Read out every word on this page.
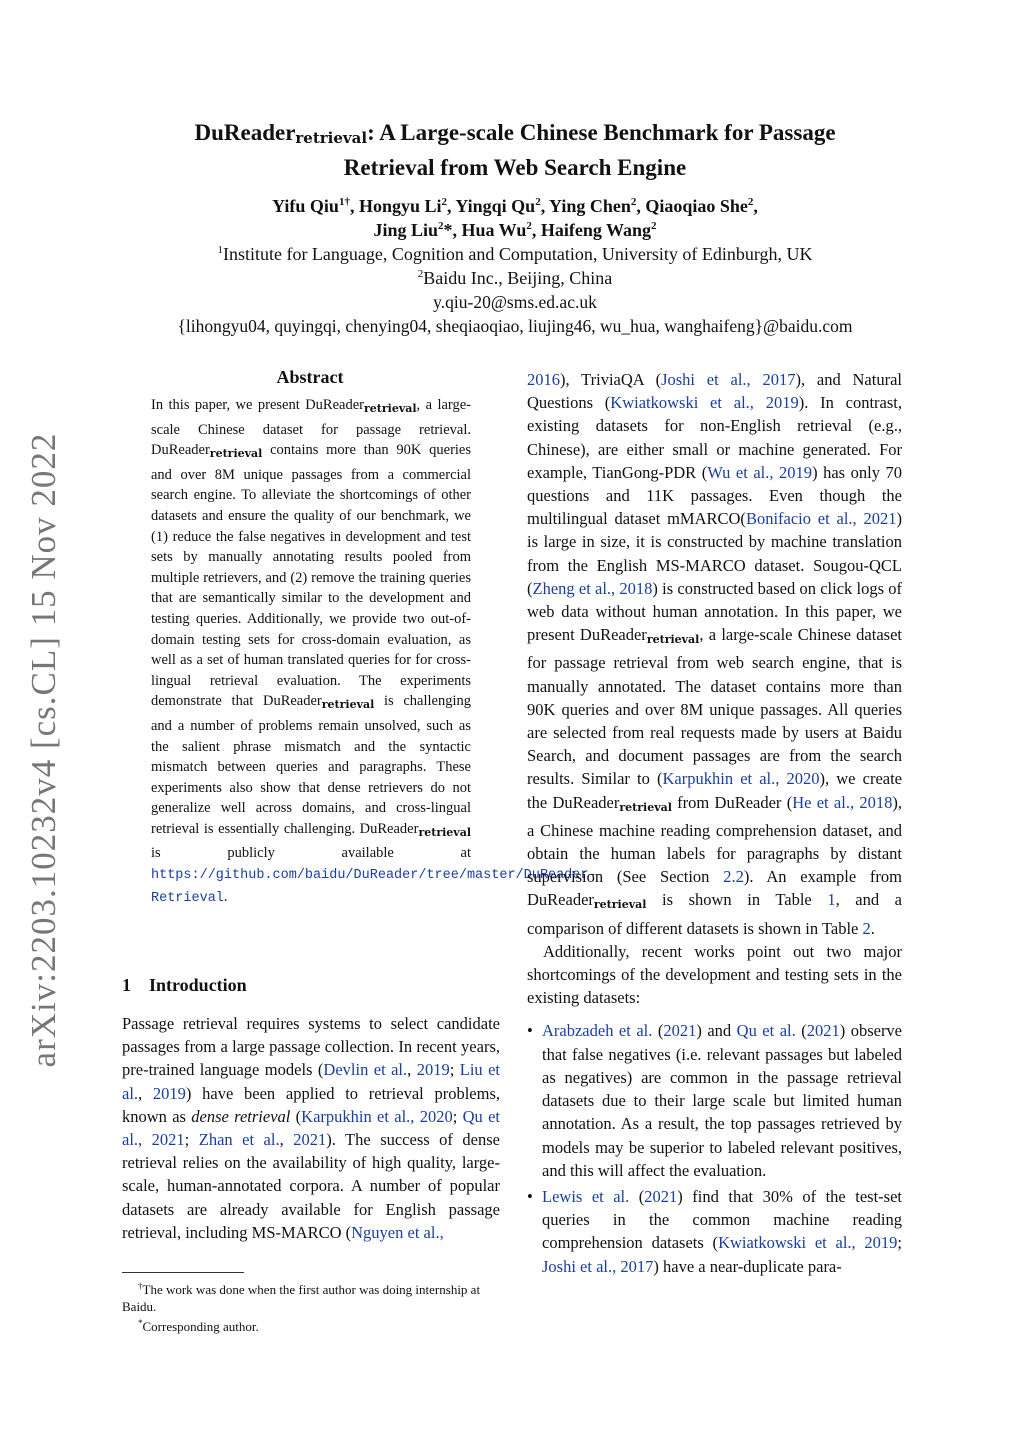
arXiv:2203.10232v4 [cs.CL] 15 Nov 2022
DuReader$_{retrieval}$: A Large-scale Chinese Benchmark for Passage
Retrieval from Web Search Engine
Yifu Qiu$^{1\dagger}$, Hongyu Li$^2$, Yingqi Qu$^2$, Ying Chen$^2$, Qiaoqiao She$^2$,
Jing Liu$^2$*, Hua Wu$^2$, Haifeng Wang$^2$
$^1$Institute for Language, Cognition and Computation, University of Edinburgh, UK
$^2$Baidu Inc., Beijing, China
y.qiu-20@sms.ed.ac.uk
{lihongyu04, quyingqi, chenying04, sheqiaoqiao, liujing46, wu_hua, wanghaifeng}@baidu.com
Abstract

In this paper, we present DuReader$_{retrieval}$, a large-scale Chinese dataset for passage retrieval. DuReader$_{retrieval}$ contains more than 90K queries and over 8M unique passages from a commercial search engine. To alleviate the shortcomings of other datasets and ensure the quality of our benchmark, we (1) reduce the false negatives in development and test sets by manually annotating results pooled from multiple retrievers, and (2) remove the training queries that are semantically similar to the development and testing queries. Additionally, we provide two out-of-domain testing sets for cross-domain evaluation, as well as a set of human translated queries for for cross-lingual retrieval evaluation. The experiments demonstrate that DuReader$_{retrieval}$ is challenging and a number of problems remain unsolved, such as the salient phrase mismatch and the syntactic mismatch between queries and paragraphs. These experiments also show that dense retrievers do not generalize well across domains, and cross-lingual retrieval is essentially challenging. DuReader$_{retrieval}$ is publicly available at https://github.com/baidu/DuReader/tree/master/DuReader-Retrieval.

1 Introduction

Passage retrieval requires systems to select candidate passages from a large passage collection. In recent years, pre-trained language models (Devlin et al., 2019; Liu et al., 2019) have been applied to retrieval problems, known as dense retrieval (Karpukhin et al., 2020; Qu et al., 2021; Zhan et al., 2021). The success of dense retrieval relies on the availability of high quality, large-scale, human-annotated corpora. A number of popular datasets are already available for English passage retrieval, including MS-MARCO (Nguyen et al.,

†The work was done when the first author was doing internship at Baidu.

*Corresponding author.

2016), TriviaQA (Joshi et al., 2017), and Natural Questions (Kwiatkowski et al., 2019). In contrast, existing datasets for non-English retrieval (e.g., Chinese), are either small or machine generated. For example, TianGong-PDR (Wu et al., 2019) has only 70 questions and 11K passages. Even though the multilingual dataset mMARCO(Bonifacio et al., 2021) is large in size, it is constructed by machine translation from the English MS-MARCO dataset. Sougou-QCL (Zheng et al., 2018) is constructed based on click logs of web data without human annotation. In this paper, we present DuReader$_{retrieval}$, a large-scale Chinese dataset for passage retrieval from web search engine, that is manually annotated. The dataset contains more than 90K queries and over 8M unique passages. All queries are selected from real requests made by users at Baidu Search, and document passages are from the search results. Similar to (Karpukhin et al., 2020), we create the DuReader$_{retrieval}$ from DuReader (He et al., 2018), a Chinese machine reading comprehension dataset, and obtain the human labels for paragraphs by distant supervision (See Section 2.2). An example from DuReader$_{retrieval}$ is shown in Table 1, and a comparison of different datasets is shown in Table 2.

Additionally, recent works point out two major shortcomings of the development and testing sets in the existing datasets:

• Arabzadeh et al. (2021) and Qu et al. (2021) observe that false negatives (i.e. relevant passages but labeled as negatives) are common in the passage retrieval datasets due to their large scale but limited human annotation. As a result, the top passages retrieved by models may be superior to labeled relevant positives, and this will affect the evaluation.
• Lewis et al. (2021) find that 30% of the test-set queries in the common machine reading comprehension datasets (Kwiatkowski et al., 2019; Joshi et al., 2017) have a near-duplicate para-
